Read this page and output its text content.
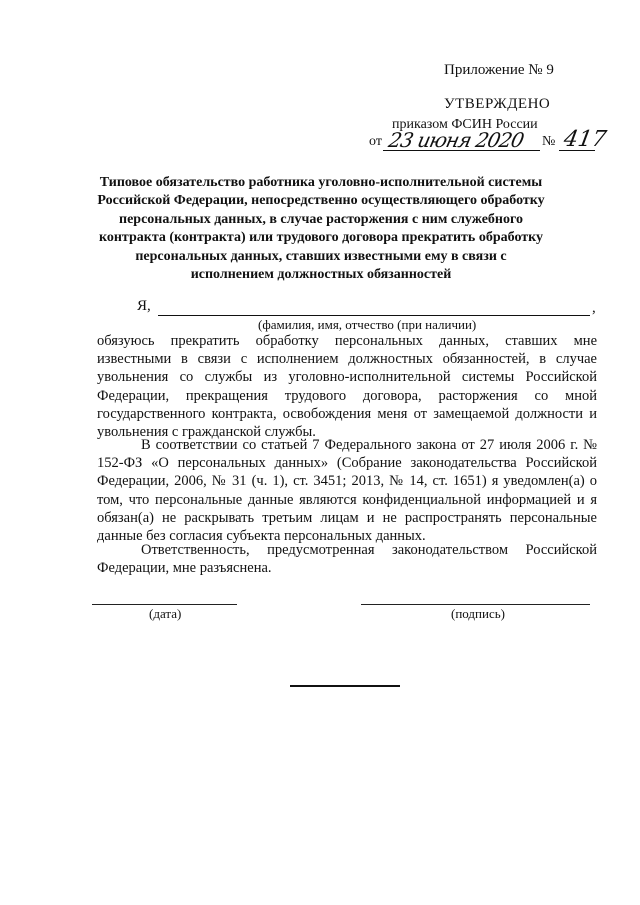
Приложение № 9
УТВЕРЖДЕНО
приказом ФСИН России
от 23 июня 2020 № 417
Типовое обязательство работника уголовно-исполнительной системы Российской Федерации, непосредственно осуществляющего обработку персональных данных, в случае расторжения с ним служебного контракта (контракта) или трудового договора прекратить обработку персональных данных, ставших известными ему в связи с исполнением должностных обязанностей
Я,	,
(фамилия, имя, отчество (при наличии)
обязуюсь прекратить обработку персональных данных, ставших мне известными в связи с исполнением должностных обязанностей, в случае увольнения со службы из уголовно-исполнительной системы Российской Федерации, прекращения трудового договора, расторжения со мной государственного контракта, освобождения меня от замещаемой должности и увольнения с гражданской службы.
В соответствии со статьей 7 Федерального закона от 27 июля 2006 г. № 152-ФЗ «О персональных данных» (Собрание законодательства Российской Федерации, 2006, № 31 (ч. 1), ст. 3451; 2013, № 14, ст. 1651) я уведомлен(а) о том, что персональные данные являются конфиденциальной информацией и я обязан(а) не раскрывать третьим лицам и не распространять персональные данные без согласия субъекта персональных данных.
Ответственность, предусмотренная законодательством Российской Федерации, мне разъяснена.
(дата)	(подпись)
